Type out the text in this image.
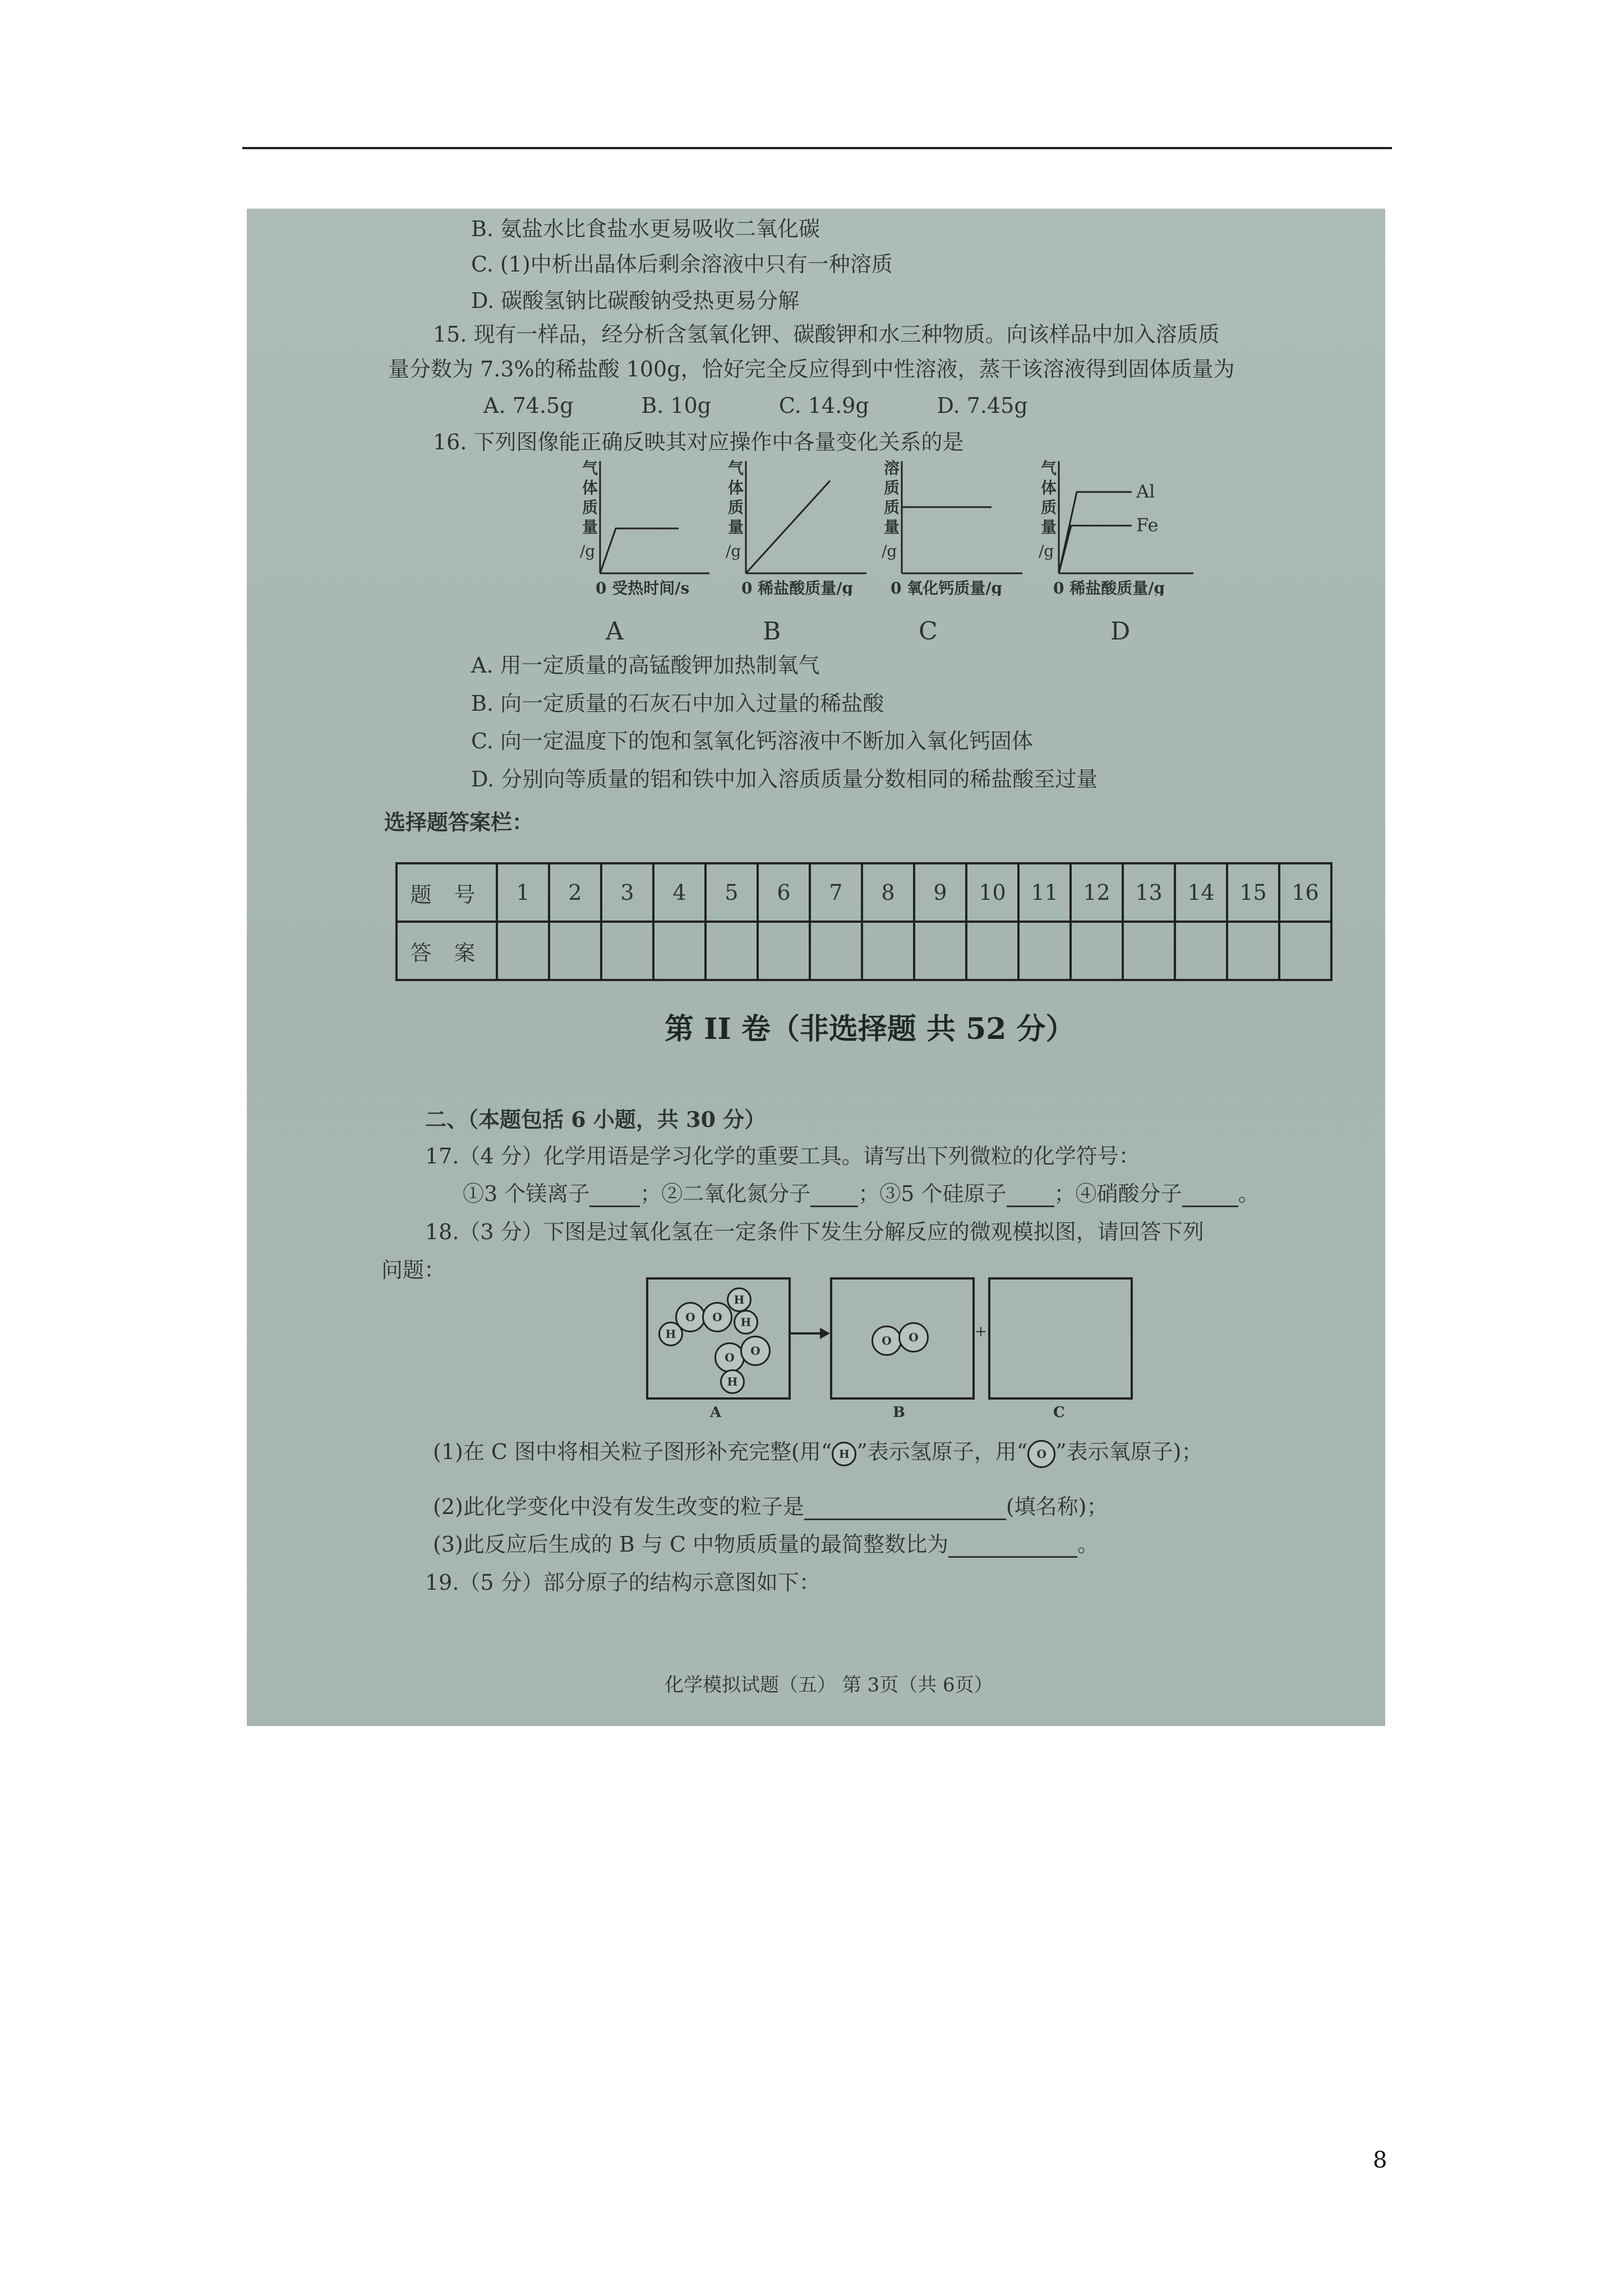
B. 氨盐水比食盐水更易吸收二氧化碳
C. (1)中析出晶体后剩余溶液中只有一种溶质
D. 碳酸氢钠比碳酸钠受热更易分解
15. 现有一样品，经分析含氢氧化钾、碳酸钾和水三种物质。向该样品中加入溶质质
量分数为 7.3%的稀盐酸 100g，恰好完全反应得到中性溶液，蒸干该溶液得到固体质量为
A. 74.5g          B. 10g          C. 14.9g          D. 7.45g
16. 下列图像能正确反映其对应操作中各量变化关系的是
气
体
质
量
/g
0 受热时间/s
A
气
体
质
量
/g
0 稀盐酸质量/g
B
溶
质
质
量
/g
0 氧化钙质量/g
C
气
体
质
量
/g
Al
Fe
0 稀盐酸质量/g
D
A. 用一定质量的高锰酸钾加热制氧气
B. 向一定质量的石灰石中加入过量的稀盐酸
C. 向一定温度下的饱和氢氧化钙溶液中不断加入氧化钙固体
D. 分别向等质量的铝和铁中加入溶质质量分数相同的稀盐酸至过量
选择题答案栏：
题 号	1	2	3	4	5	6	7	8	9	10	11	12	13	14	15	16
答 案																
第 II 卷（非选择题 共 52 分）
二、（本题包括 6 小题，共 30 分）
17.（4 分）化学用语是学习化学的重要工具。请写出下列微粒的化学符号：
①3 个镁离子 ；②二氧化氮分子 ；③5 个硅原子 ；④硝酸分子	。
18.（3 分）下图是过氧化氢在一定条件下发生分解反应的微观模拟图，请回答下列
问题：
H
O	O
H
H
O	O
H
A
O	O
B
+
C
(1)在 C 图中将相关粒子图形补充完整(用“ H ”表示氢原子，用“ O ”表示氧原子)；
(2)此化学变化中没有发生改变的粒子是	(填名称)；
(3)此反应后生成的 B 与 C 中物质质量的最简整数比为	。
19.（5 分）部分原子的结构示意图如下：
化学模拟试题（五） 第 3页（共 6页）
8
